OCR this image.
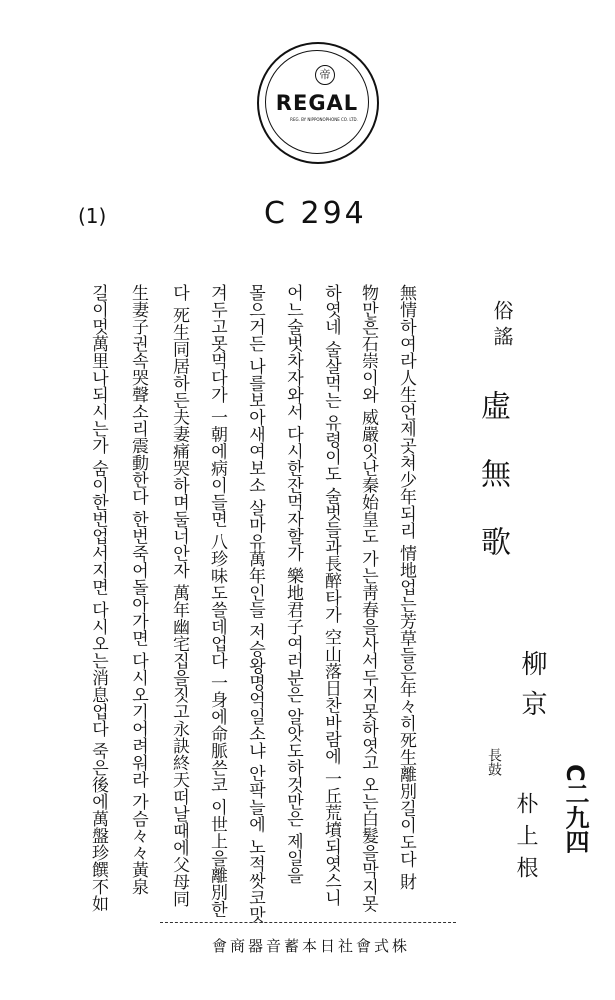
帝
REGAL
REG. BY NIPPONOPHONE CO. LTD.
(1)	C 294
C二九四
俗謠
虛無歌
柳京
長鼓
朴上根
無情하여라人生언제곳쳐少年되리 情地업는芳草들은年々히死生離別길이도다 財
物만흔石崇이와 威嚴잇난秦始皇도 가는靑春을사서두지못하엿고 오는白髮을막지못
하엿네 술살먹는 유령이도 술벗들과長醉타가 空山落日찬바람에 一丘荒墳되엿스니
어느술벗차자와서 다시한잔먹자할가 樂地君子여러분은 알앗도하것만은 제일을
몰으거든 나를보아새여보소 살마유萬年인들 저승왕명억일소냐 안팍늘에 노적쌋코맛
겨두고못먹다가 一朝에病이들면 八珍味도쓸데업다 一身에命脈쓴코 이世上을離別한
다 死生同居하든夫妻痛哭하며둘너안자 萬年幽宅집을짓고永訣終天떠날때에父母同
生妻子권속哭聲소리震動한다 한번죽어돌아가면 다시오기어려워라 가슴々々黃泉
길이멋萬里나되시는가 숨이한번업서지면 다시오는消息업다 죽은後에萬盤珍饌不如
株式會社日本蓄音器商會
